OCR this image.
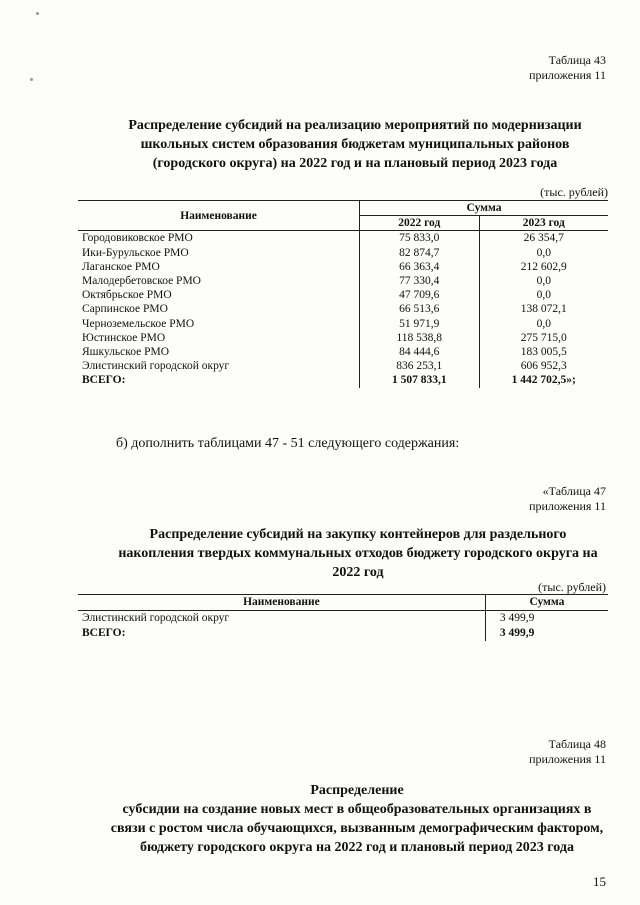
Таблица 43
приложения 11
Распределение субсидий на реализацию мероприятий по модернизации
школьных систем образования бюджетам муниципальных районов
(городского округа) на 2022 год и на плановый период 2023 года
(тыс. рублей)
Наименование	Сумма	
	2022 год	2023 год
Городовиковское РМО	75 833,0	26 354,7
Ики-Бурульское РМО	82 874,7	0,0
Лаганское РМО	66 363,4	212 602,9
Малодербетовское РМО	77 330,4	0,0
Октябрьское РМО	47 709,6	0,0
Сарпинское РМО	66 513,6	138 072,1
Черноземельское РМО	51 971,9	0,0
Юстинское РМО	118 538,8	275 715,0
Яшкульское РМО	84 444,6	183 005,5
Элистинский городской округ	836 253,1	606 952,3
ВСЕГО:	1 507 833,1	1 442 702,5»;
б) дополнить таблицами 47 - 51 следующего содержания:
«Таблица 47
приложения 11
Распределение субсидий на закупку контейнеров для раздельного
накопления твердых коммунальных отходов бюджету городского округа на
2022 год
(тыс. рублей)
Наименование	Сумма
Элистинский городской округ	3 499,9
ВСЕГО:	3 499,9
Таблица 48
приложения 11
Распределение
субсидии на создание новых мест в общеобразовательных организациях в
связи с ростом числа обучающихся, вызванным демографическим фактором,
бюджету городского округа на 2022 год и плановый период 2023 года
15
